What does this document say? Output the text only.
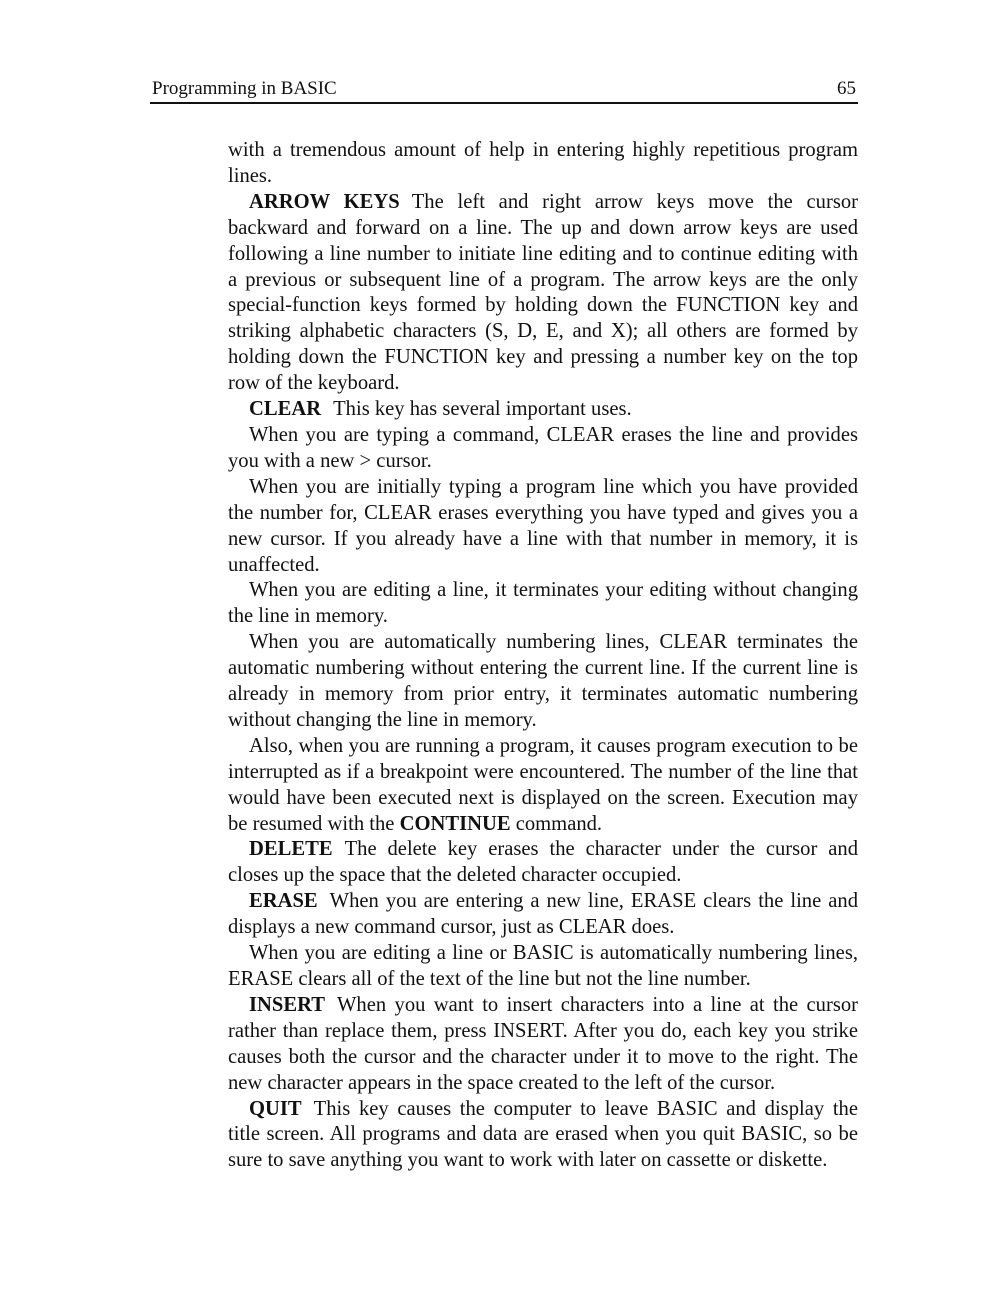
Programming in BASIC	65

with a tremendous amount of help in entering highly repetitious program lines.

ARROW KEYS The left and right arrow keys move the cursor backward and forward on a line. The up and down arrow keys are used following a line number to initiate line editing and to continue editing with a previous or subsequent line of a program. The arrow keys are the only special-function keys formed by holding down the FUNCTION key and striking alphabetic characters (S, D, E, and X); all others are formed by holding down the FUNCTION key and pressing a number key on the top row of the keyboard.

CLEAR This key has several important uses.

When you are typing a command, CLEAR erases the line and provides you with a new > cursor.

When you are initially typing a program line which you have provided the number for, CLEAR erases everything you have typed and gives you a new cursor. If you already have a line with that number in memory, it is unaffected.

When you are editing a line, it terminates your editing without changing the line in memory.

When you are automatically numbering lines, CLEAR terminates the automatic numbering without entering the current line. If the current line is already in memory from prior entry, it terminates automatic numbering without changing the line in memory.

Also, when you are running a program, it causes program execution to be interrupted as if a breakpoint were encountered. The number of the line that would have been executed next is displayed on the screen. Execution may be resumed with the CONTINUE command.

DELETE The delete key erases the character under the cursor and closes up the space that the deleted character occupied.

ERASE When you are entering a new line, ERASE clears the line and displays a new command cursor, just as CLEAR does.

When you are editing a line or BASIC is automatically numbering lines, ERASE clears all of the text of the line but not the line number.

INSERT When you want to insert characters into a line at the cursor rather than replace them, press INSERT. After you do, each key you strike causes both the cursor and the character under it to move to the right. The new character appears in the space created to the left of the cursor.

QUIT This key causes the computer to leave BASIC and display the title screen. All programs and data are erased when you quit BASIC, so be sure to save anything you want to work with later on cassette or diskette.
